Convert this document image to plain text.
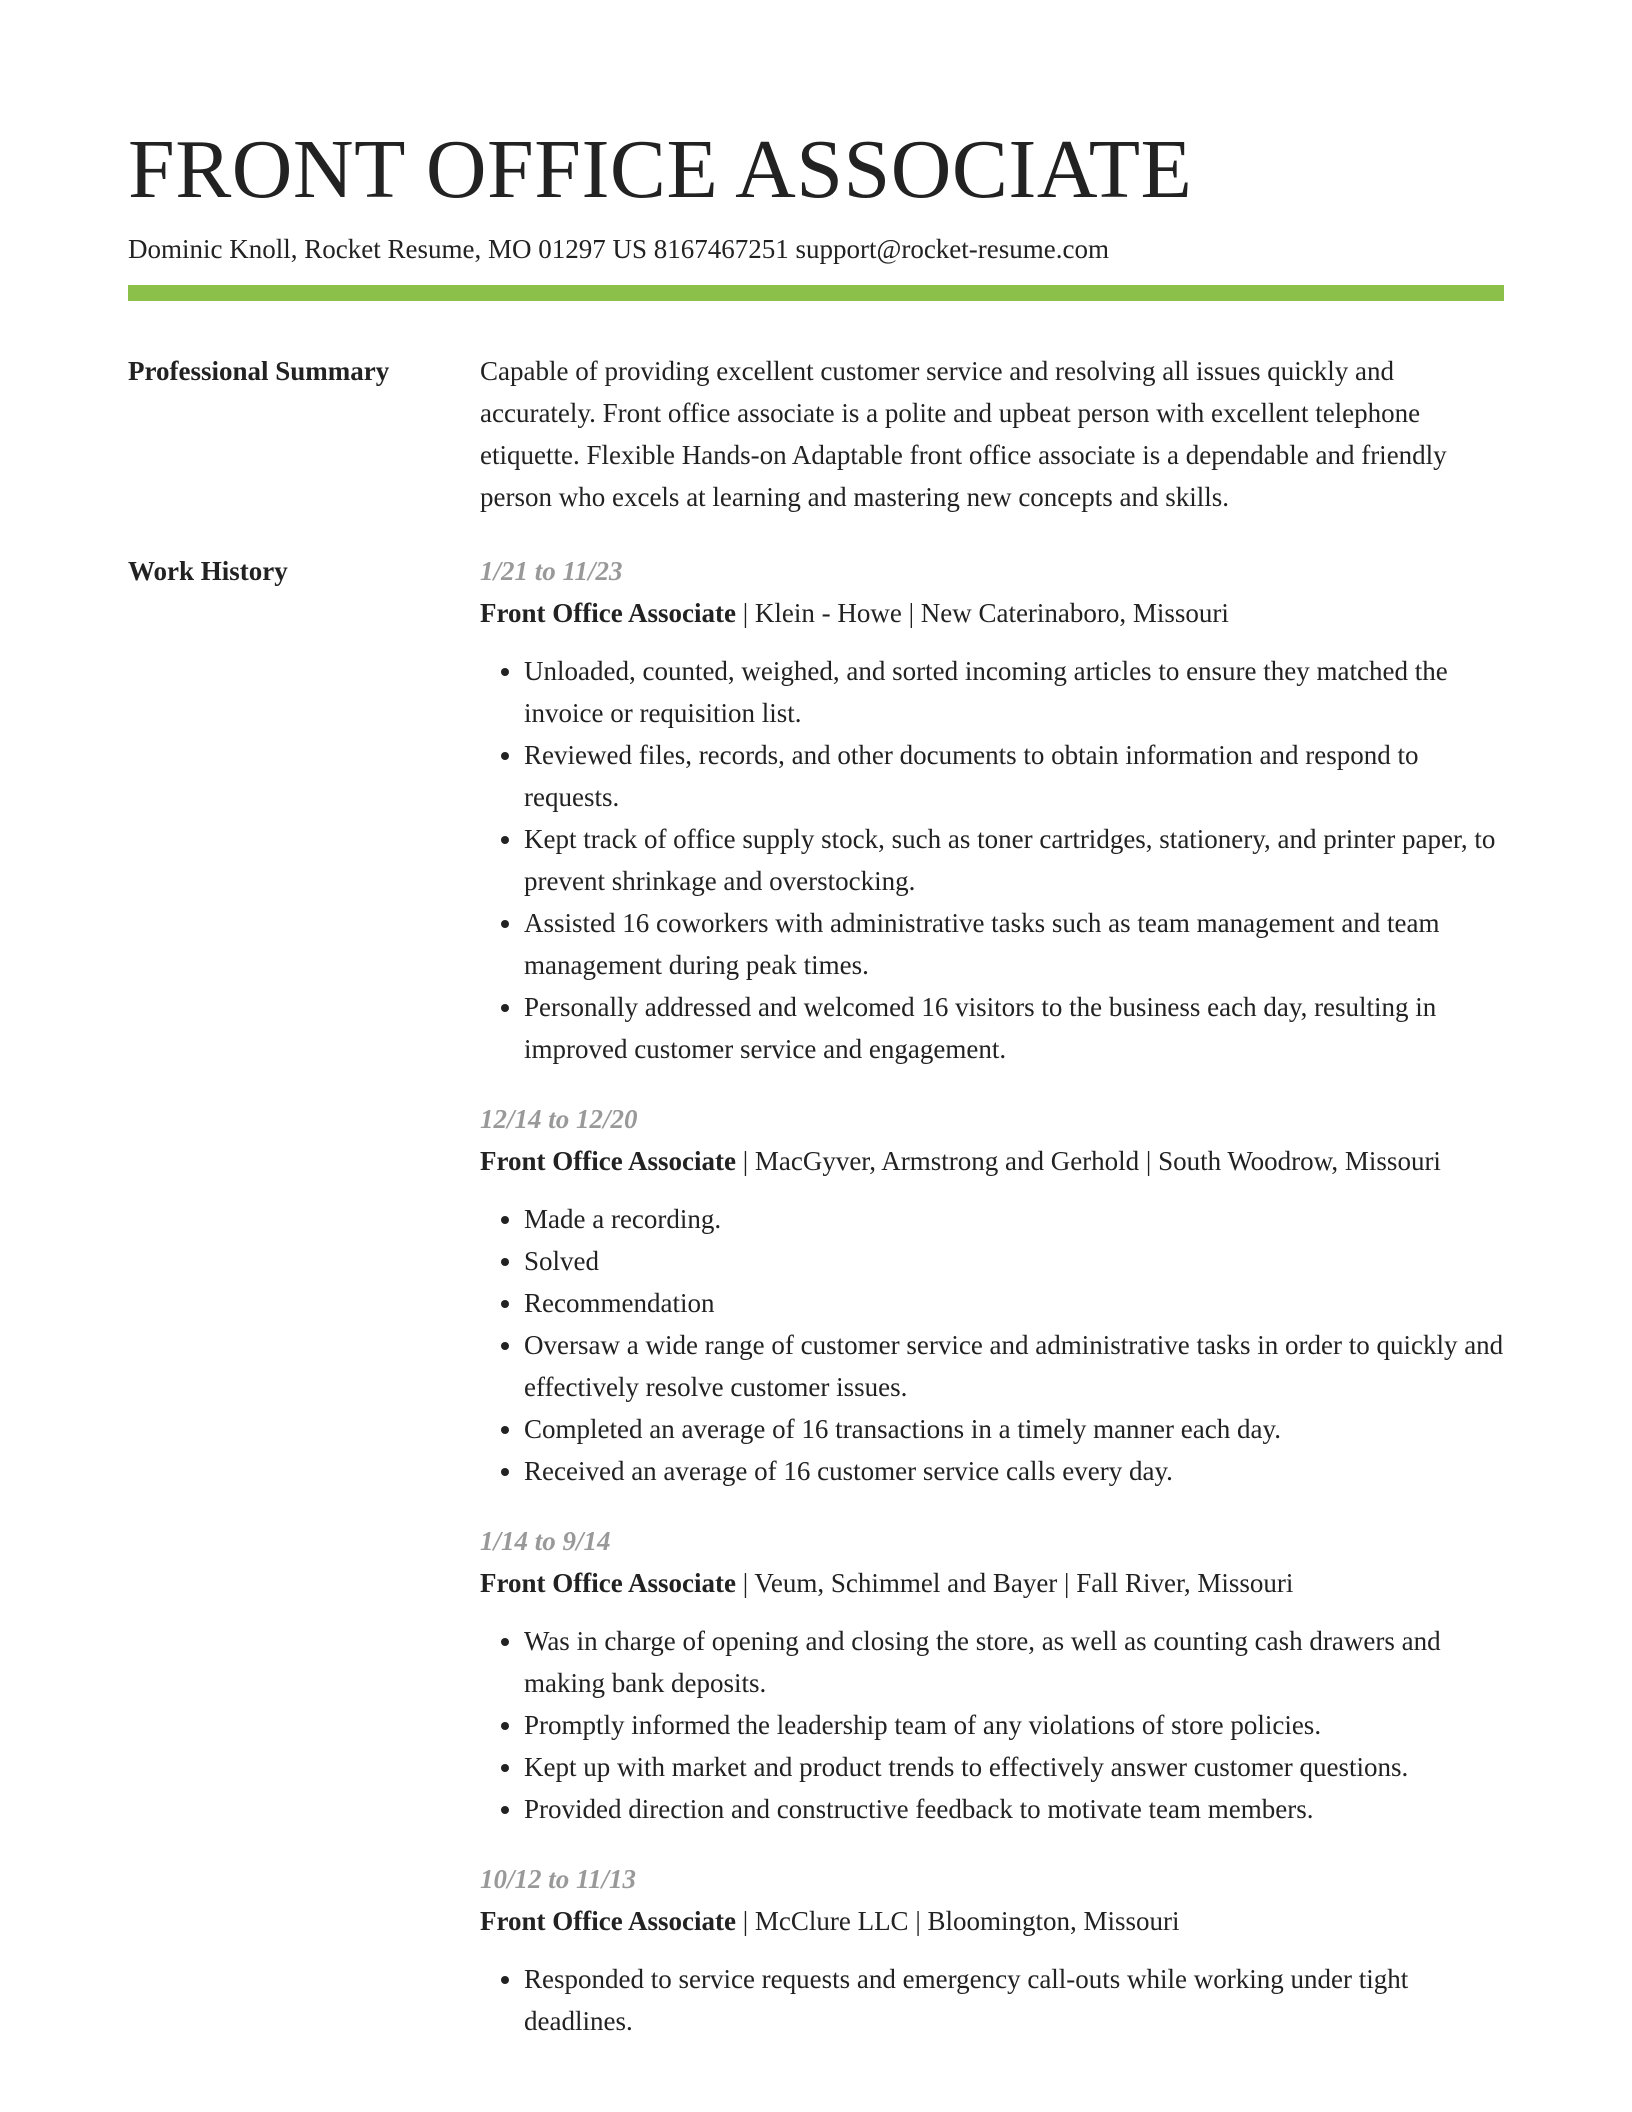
FRONT OFFICE ASSOCIATE
Dominic Knoll, Rocket Resume, MO 01297 US 8167467251 support@rocket-resume.com
Professional Summary	Capable of providing excellent customer service and resolving all issues quickly and accurately. Front office associate is a polite and upbeat person with excellent telephone etiquette. Flexible Hands-on Adaptable front office associate is a dependable and friendly person who excels at learning and mastering new concepts and skills.

Work History	1/21 to 11/23
Front Office Associate | Klein - Howe | New Caterinaboro, Missouri
• Unloaded, counted, weighed, and sorted incoming articles to ensure they matched the invoice or requisition list.
• Reviewed files, records, and other documents to obtain information and respond to requests.
• Kept track of office supply stock, such as toner cartridges, stationery, and printer paper, to prevent shrinkage and overstocking.
• Assisted 16 coworkers with administrative tasks such as team management and team management during peak times.
• Personally addressed and welcomed 16 visitors to the business each day, resulting in improved customer service and engagement.
12/14 to 12/20
Front Office Associate | MacGyver, Armstrong and Gerhold | South Woodrow, Missouri
• Made a recording.
• Solved
• Recommendation
• Oversaw a wide range of customer service and administrative tasks in order to quickly and effectively resolve customer issues.
• Completed an average of 16 transactions in a timely manner each day.
• Received an average of 16 customer service calls every day.
1/14 to 9/14
Front Office Associate | Veum, Schimmel and Bayer | Fall River, Missouri
• Was in charge of opening and closing the store, as well as counting cash drawers and making bank deposits.
• Promptly informed the leadership team of any violations of store policies.
• Kept up with market and product trends to effectively answer customer questions.
• Provided direction and constructive feedback to motivate team members.
10/12 to 11/13
Front Office Associate | McClure LLC | Bloomington, Missouri
• Responded to service requests and emergency call-outs while working under tight deadlines.
